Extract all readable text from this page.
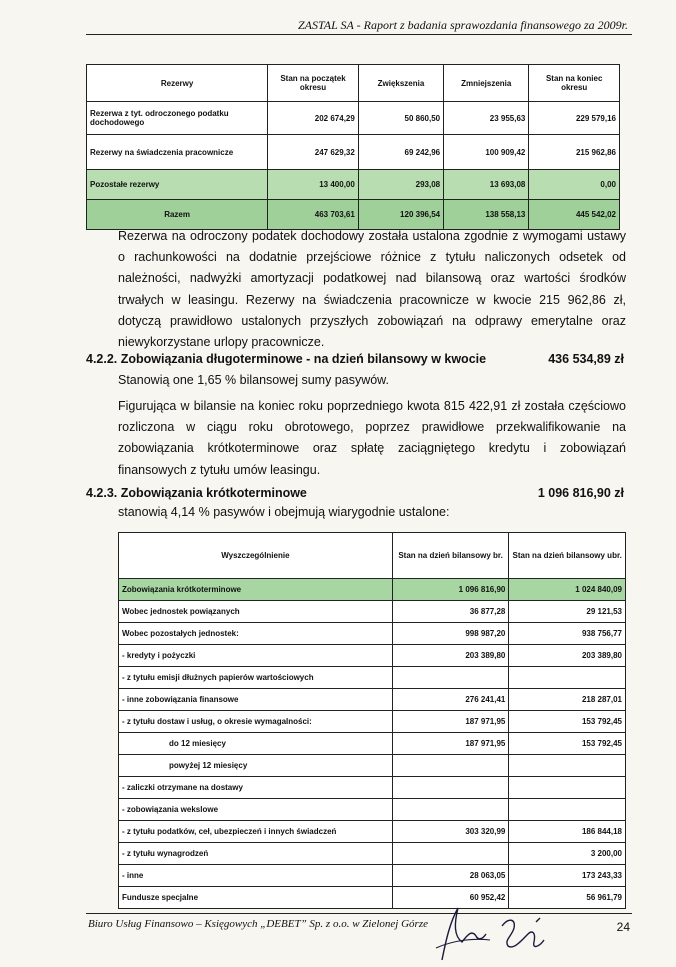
ZASTAL SA - Raport z badania sprawozdania finansowego za 2009r.
Rezerwy	Stan na początek okresu	Zwiększenia	Zmniejszenia	Stan na koniec okresu
Rezerwa z tyt. odroczonego podatku dochodowego	202 674,29	50 860,50	23 955,63	229 579,16
Rezerwy na świadczenia pracownicze	247 629,32	69 242,96	100 909,42	215 962,86
Pozostałe rezerwy	13 400,00	293,08	13 693,08	0,00
Razem	463 703,61	120 396,54	138 558,13	445 542,02

Rezerwa na odroczony podatek dochodowy została ustalona zgodnie z wymogami ustawy o rachunkowości na dodatnie przejściowe różnice z tytułu naliczonych odsetek od należności, nadwyżki amortyzacji podatkowej nad bilansową oraz wartości środków trwałych w leasingu. Rezerwy na świadczenia pracownicze w kwocie 215 962,86 zł, dotyczą prawidłowo ustalonych przyszłych zobowiązań na odprawy emerytalne oraz niewykorzystane urlopy pracownicze.

4.2.2. Zobowiązania długoterminowe - na dzień bilansowy w kwocie	436 534,89 zł
Stanowią one 1,65 % bilansowej sumy pasywów.

Figurująca w bilansie na koniec roku poprzedniego kwota 815 422,91 zł została częściowo rozliczona w ciągu roku obrotowego, poprzez prawidłowe przekwalifikowanie na zobowiązania krótkoterminowe oraz spłatę zaciągniętego kredytu i zobowiązań finansowych z tytułu umów leasingu.

4.2.3. Zobowiązania krótkoterminowe	1 096 816,90 zł
stanowią 4,14 % pasywów i obejmują wiarygodnie ustalone:
Wyszczególnienie	Stan na dzień bilansowy br.	Stan na dzień bilansowy ubr.
Zobowiązania krótkoterminowe	1 096 816,90	1 024 840,09
Wobec jednostek powiązanych	36 877,28	29 121,53
Wobec pozostałych jednostek:	998 987,20	938 756,77
- kredyty i pożyczki	203 389,80	203 389,80
- z tytułu emisji dłużnych papierów wartościowych		
- inne zobowiązania finansowe	276 241,41	218 287,01
- z tytułu dostaw i usług, o okresie wymagalności:	187 971,95	153 792,45
do 12 miesięcy	187 971,95	153 792,45
powyżej 12 miesięcy		
- zaliczki otrzymane na dostawy		
- zobowiązania wekslowe		
- z tytułu podatków, ceł, ubezpieczeń i innych świadczeń	303 320,99	186 844,18
- z tytułu wynagrodzeń		3 200,00
- inne	28 063,05	173 243,33
Fundusze specjalne	60 952,42	56 961,79
Biuro Usług Finansowo – Księgowych „DEBET” Sp. z o.o. w Zielonej Górze	24
